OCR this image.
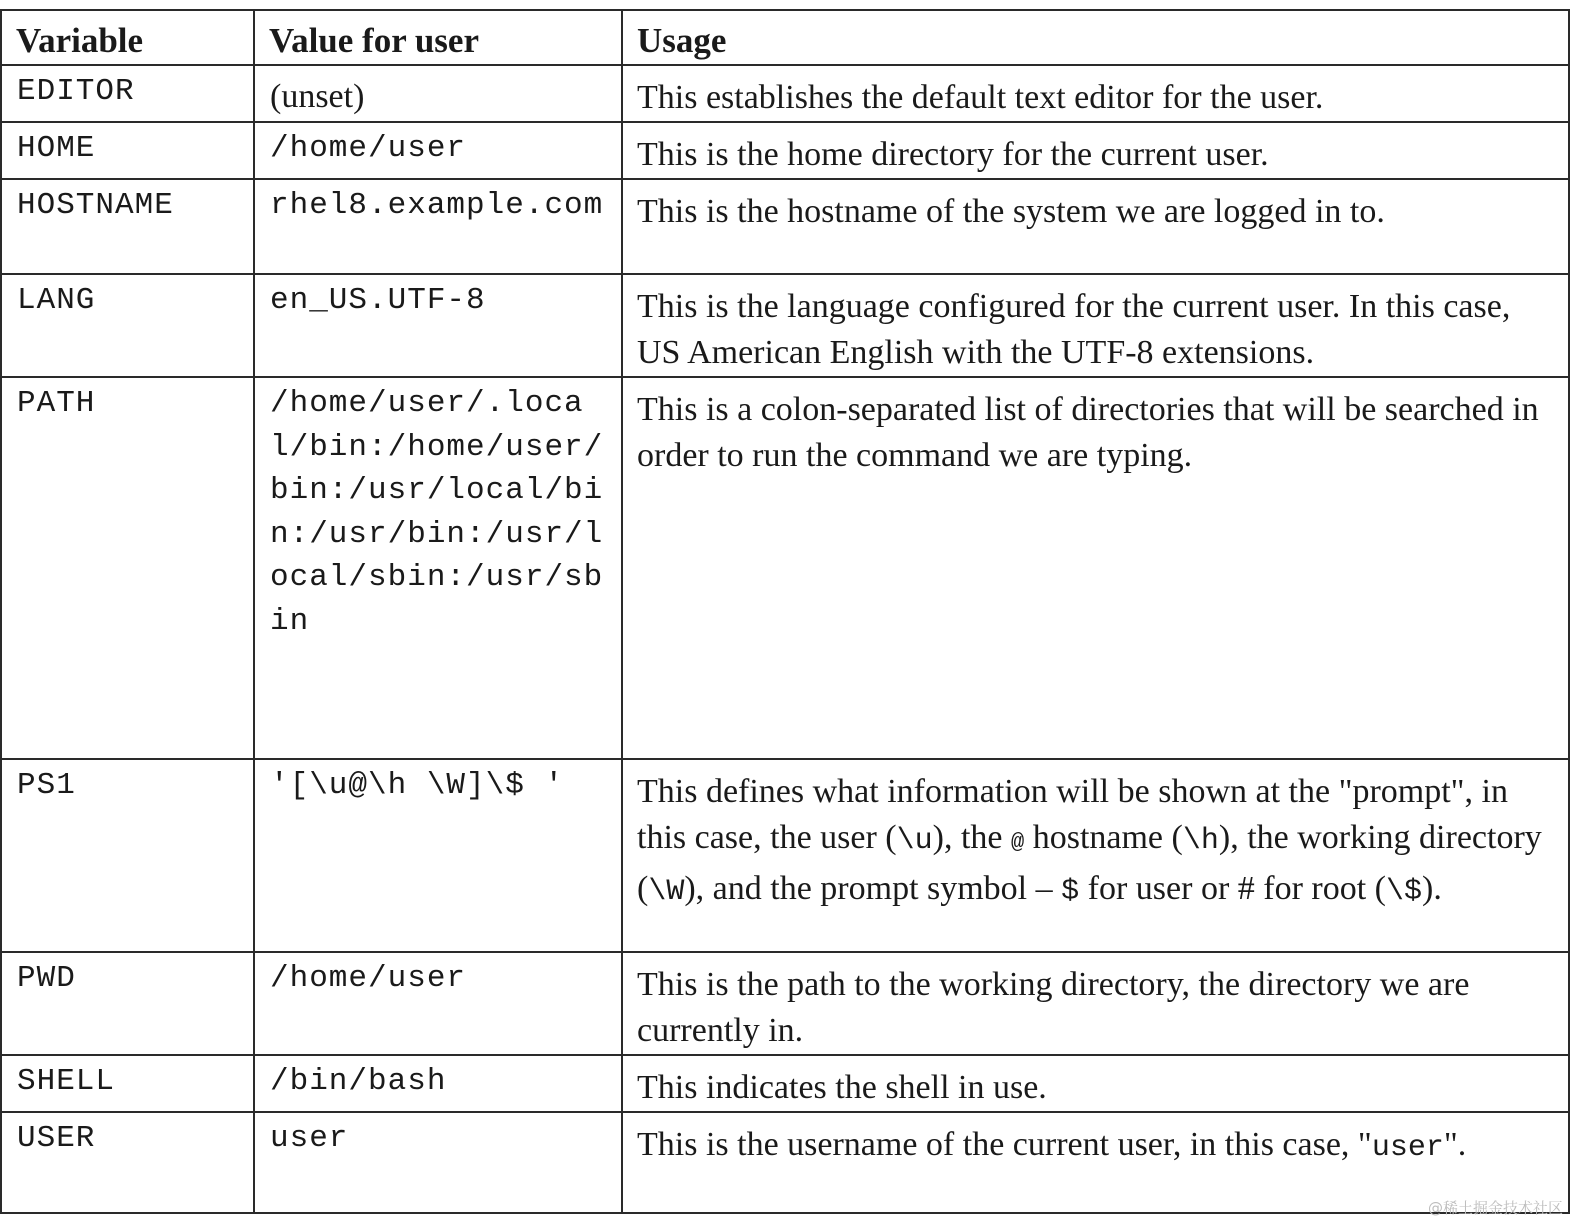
Variable	Value for user	Usage
EDITOR	(unset)	This establishes the default text editor for the user.
HOME	/home/user	This is the home directory for the current user.
HOSTNAME	rhel8.example.com	This is the hostname of the system we are logged in to.
LANG	en_US.UTF-8	This is the language configured for the current user. In this case, US American English with the UTF-8 extensions.
PATH	/home/user/.local/bin:/home/user/bin:/usr/local/bin:/usr/bin:/usr/local/sbin:/usr/sbin	This is a colon-separated list of directories that will be searched in order to run the command we are typing.
PS1	'[\u@\h \W]\$ '	This defines what information will be shown at the "prompt", in this case, the user (\u), the @ hostname (\h), the working directory (\W), and the prompt symbol – $ for user or # for root (\$).
PWD	/home/user	This is the path to the working directory, the directory we are currently in.
SHELL	/bin/bash	This indicates the shell in use.
USER	user	This is the username of the current user, in this case, "user".
@稀土掘金技术社区
